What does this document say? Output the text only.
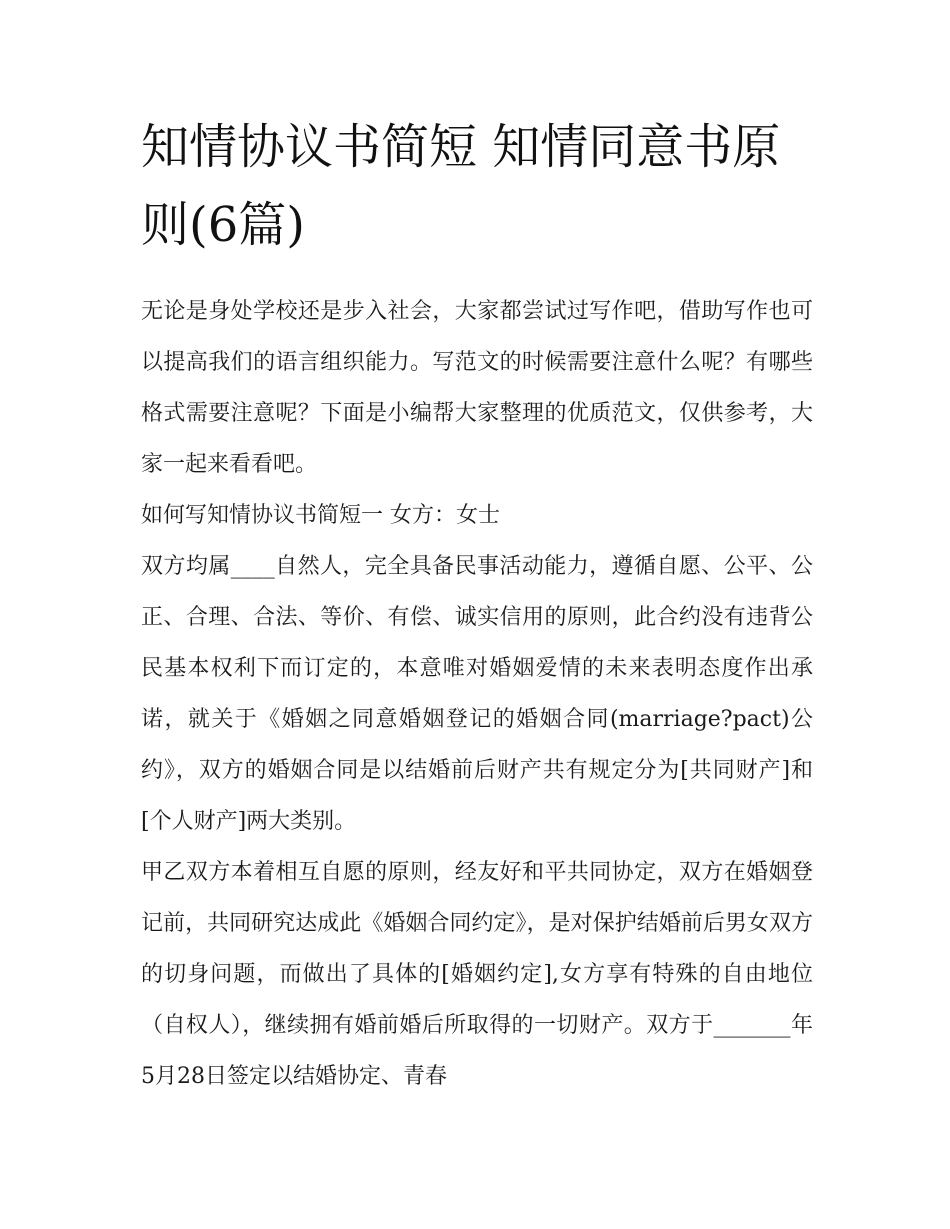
知情协议书简短 知情同意书原则(6篇)

无论是身处学校还是步入社会，大家都尝试过写作吧，借助写作也可以提高我们的语言组织能力。写范文的时候需要注意什么呢？有哪些格式需要注意呢？下面是小编帮大家整理的优质范文，仅供参考，大家一起来看看吧。

如何写知情协议书简短一 女方：女士

双方均属____自然人，完全具备民事活动能力，遵循自愿、公平、公正、合理、合法、等价、有偿、诚实信用的原则，此合约没有违背公民基本权利下而订定的，本意唯对婚姻爱情的未来表明态度作出承诺，就关于《婚姻之同意婚姻登记的婚姻合同(marriage?pact)公约》，双方的婚姻合同是以结婚前后财产共有规定分为[共同财产]和[个人财产]两大类别。

甲乙双方本着相互自愿的原则，经友好和平共同协定，双方在婚姻登记前，共同研究达成此《婚姻合同约定》，是对保护结婚前后男女双方的切身问题，而做出了具体的[婚姻约定],女方享有特殊的自由地位（自权人），继续拥有婚前婚后所取得的一切财产。双方于_______年5月28日签定以结婚协定、青春
